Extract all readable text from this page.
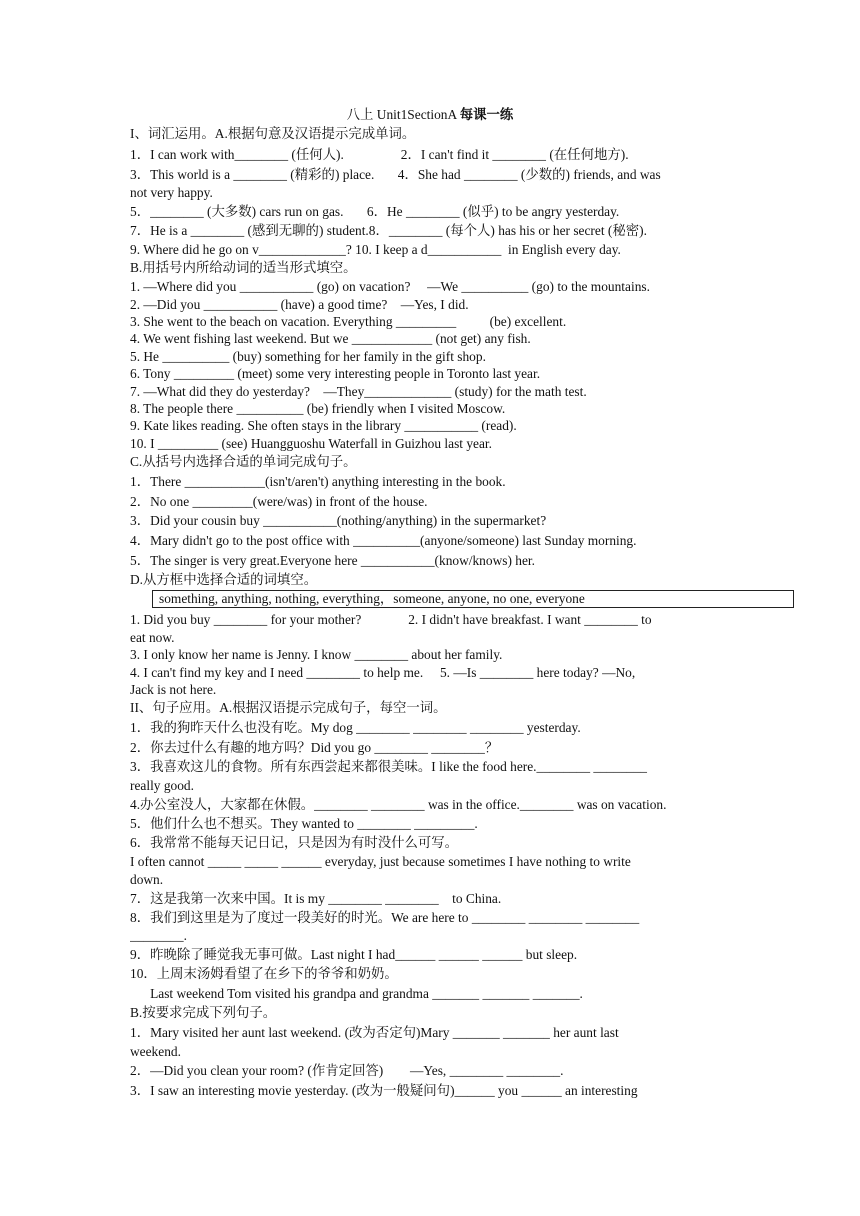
八上 Unit1SectionA 每课一练
I、词汇运用。A.根据句意及汉语提示完成单词。
1．I can work with________ (任何人).                 2．I can't find it ________ (在任何地方).
3．This world is a ________ (精彩的) place.       4．She had ________ (少数的) friends, and was
not very happy.
5．________ (大多数) cars run on gas.       6．He ________ (似乎) to be angry yesterday.
7．He is a ________ (感到无聊的) student.8．________ (每个人) has his or her secret (秘密).
9. Where did he go on v_____________? 10. I keep a d___________  in English every day.
B.用括号内所给动词的适当形式填空。
1. —Where did you ___________ (go) on vacation?     —We __________ (go) to the mountains.
2. —Did you ___________ (have) a good time?    —Yes, I did.
3. She went to the beach on vacation. Everything _________          (be) excellent.
4. We went fishing last weekend. But we ____________ (not get) any fish.
5. He __________ (buy) something for her family in the gift shop.
6. Tony _________ (meet) some very interesting people in Toronto last year.
7. —What did they do yesterday?    —They_____________ (study) for the math test.
8. The people there __________ (be) friendly when I visited Moscow.
9. Kate likes reading. She often stays in the library ___________ (read).
10. I _________ (see) Huangguoshu Waterfall in Guizhou last year.
C.从括号内选择合适的单词完成句子。
1．There ____________(isn't/aren't) anything interesting in the book.
2．No one _________(were/was) in front of the house.
3．Did your cousin buy ___________(nothing/anything) in the supermarket?
4．Mary didn't go to the post office with __________(anyone/someone) last Sunday morning.
5．The singer is very great.Everyone here ___________(know/knows) her.
D.从方框中选择合适的词填空。
something, anything, nothing, everything，someone, anyone, no one, everyone
1. Did you buy ________ for your mother?              2. I didn't have breakfast. I want ________ to
eat now.
3. I only know her name is Jenny. I know ________ about her family.
4. I can't find my key and I need ________ to help me.     5. —Is ________ here today? —No,
Jack is not here.
II、句子应用。A.根据汉语提示完成句子，每空一词。
1．我的狗昨天什么也没有吃。My dog ________ ________ ________ yesterday.
2．你去过什么有趣的地方吗？Did you go ________ ________？
3．我喜欢这儿的食物。所有东西尝起来都很美味。I like the food here.________ ________
really good.
4.办公室没人，大家都在休假。________ ________ was in the office.________ was on vacation.
5．他们什么也不想买。They wanted to ________ _________.
6．我常常不能每天记日记，只是因为有时没什么可写。
I often cannot _____ _____ ______ everyday, just because sometimes I have nothing to write
down.
7．这是我第一次来中国。It is my ________ ________    to China.
8．我们到这里是为了度过一段美好的时光。We are here to ________ ________ ________
________.
9．昨晚除了睡觉我无事可做。Last night I had______ ______ ______ but sleep.
10．上周末汤姆看望了在乡下的爷爷和奶奶。
Last weekend Tom visited his grandpa and grandma _______ _______ _______.
B.按要求完成下列句子。
1．Mary visited her aunt last weekend. (改为否定句)Mary _______ _______ her aunt last
weekend.
2．—Did you clean your room? (作肯定回答)        —Yes, ________ ________.
3．I saw an interesting movie yesterday. (改为一般疑问句)______ you ______ an interesting
